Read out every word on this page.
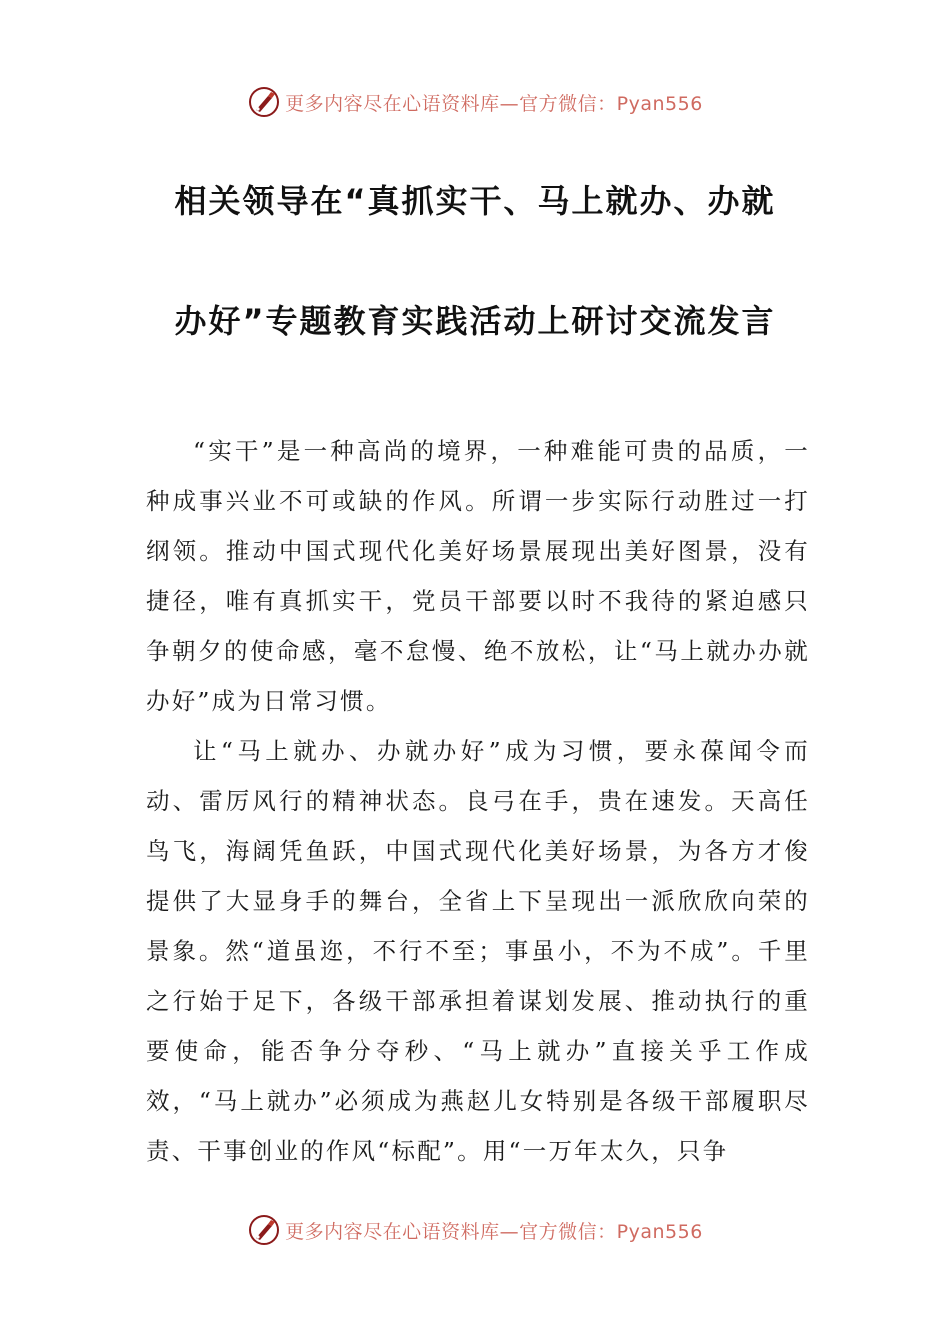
更多内容尽在心语资料库—官方微信：Pyan556
相关领导在“真抓实干、马上就办、办就
办好”专题教育实践活动上研讨交流发言

“实干”是一种高尚的境界，一种难能可贵的品质，一种成事兴业不可或缺的作风。所谓一步实际行动胜过一打纲领。推动中国式现代化美好场景展现出美好图景，没有捷径，唯有真抓实干，党员干部要以时不我待的紧迫感只争朝夕的使命感，毫不怠慢、绝不放松，让“马上就办办就办好”成为日常习惯。

让“马上就办、办就办好”成为习惯，要永葆闻令而动、雷厉风行的精神状态。良弓在手，贵在速发。天高任鸟飞，海阔凭鱼跃，中国式现代化美好场景，为各方才俊提供了大显身手的舞台，全省上下呈现出一派欣欣向荣的景象。然“道虽迩，不行不至；事虽小，不为不成”。千里之行始于足下，各级干部承担着谋划发展、推动执行的重要使命，能否争分夺秒、“马上就办”直接关乎工作成效，“马上就办”必须成为燕赵儿女特别是各级干部履职尽责、干事创业的作风“标配”。用“一万年太久，只争

更多内容尽在心语资料库—官方微信：Pyan556
